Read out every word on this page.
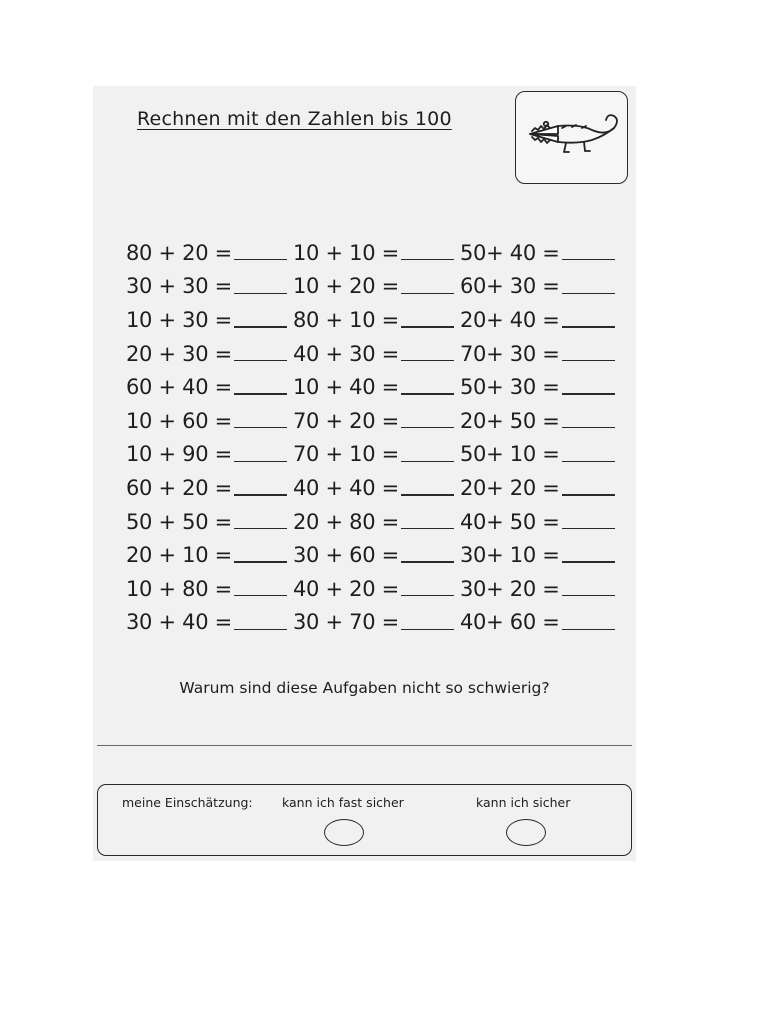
Rechnen mit den Zahlen bis 100
80 + 20 =	10 + 10 =	50+ 40 =
30 + 30 =	10 + 20 =	60+ 30 =
10 + 30 =	80 + 10 =	20+ 40 =
20 + 30 =	40 + 30 =	70+ 30 =
60 + 40 =	10 + 40 =	50+ 30 =
10 + 60 =	70 + 20 =	20+ 50 =
10 + 90 =	70 + 10 =	50+ 10 =
60 + 20 =	40 + 40 =	20+ 20 =
50 + 50 =	20 + 80 =	40+ 50 =
20 + 10 =	30 + 60 =	30+ 10 =
10 + 80 =	40 + 20 =	30+ 20 =
30 + 40 =	30 + 70 =	40+ 60 =
Warum sind diese Aufgaben nicht so schwierig?
meine Einschätzung: kann ich fast sicher	kann ich sicher
